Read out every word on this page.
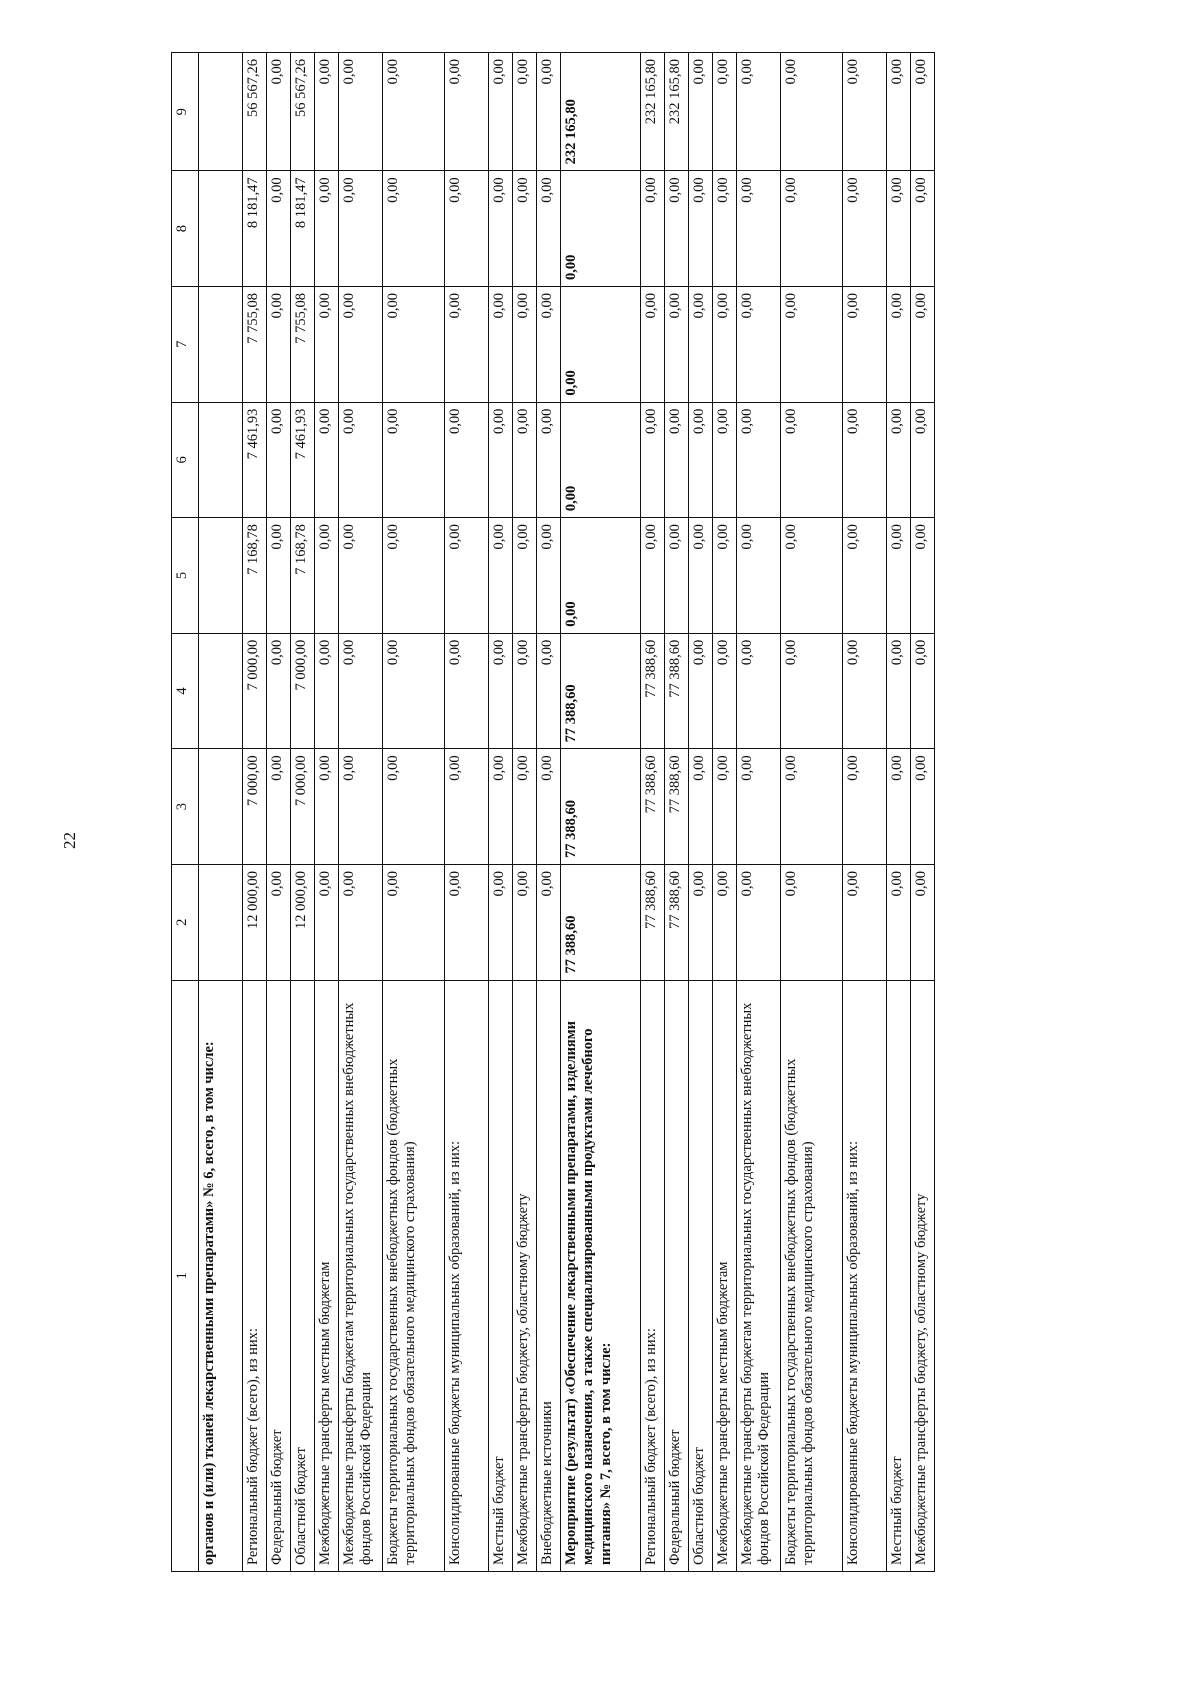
22
1	2	3	4	5	6	7	8	9
органов и (или) тканей лекарственными препаратами» № 6, всего, в том числе:								
Региональный бюджет (всего), из них:	12 000,00	7 000,00	7 000,00	7 168,78	7 461,93	7 755,08	8 181,47	56 567,26
Федеральный бюджет	0,00	0,00	0,00	0,00	0,00	0,00	0,00	0,00
Областной бюджет	12 000,00	7 000,00	7 000,00	7 168,78	7 461,93	7 755,08	8 181,47	56 567,26
Межбюджетные трансферты местным бюджетам	0,00	0,00	0,00	0,00	0,00	0,00	0,00	0,00
Межбюджетные трансферты бюджетам территориальных государственных внебюджетных фондов Российской Федерации	0,00	0,00	0,00	0,00	0,00	0,00	0,00	0,00
Бюджеты территориальных государственных внебюджетных фондов (бюджетных территориальных фондов обязательного медицинского страхования)	0,00	0,00	0,00	0,00	0,00	0,00	0,00	0,00
Консолидированные бюджеты муниципальных образований, из них:	0,00	0,00	0,00	0,00	0,00	0,00	0,00	0,00
Местный бюджет	0,00	0,00	0,00	0,00	0,00	0,00	0,00	0,00
Межбюджетные трансферты бюджету, областному бюджету	0,00	0,00	0,00	0,00	0,00	0,00	0,00	0,00
Внебюджетные источники	0,00	0,00	0,00	0,00	0,00	0,00	0,00	0,00
Мероприятие (результат) «Обеспечение лекарственными препаратами, изделиями медицинского назначения, а также специализированными продуктами лечебного питания» № 7, всего, в том числе:	77 388,60	77 388,60	77 388,60	0,00	0,00	0,00	0,00	232 165,80
Региональный бюджет (всего), из них:	77 388,60	77 388,60	77 388,60	0,00	0,00	0,00	0,00	232 165,80
Федеральный бюджет	77 388,60	77 388,60	77 388,60	0,00	0,00	0,00	0,00	232 165,80
Областной бюджет	0,00	0,00	0,00	0,00	0,00	0,00	0,00	0,00
Межбюджетные трансферты местным бюджетам	0,00	0,00	0,00	0,00	0,00	0,00	0,00	0,00
Межбюджетные трансферты бюджетам территориальных государственных внебюджетных фондов Российской Федерации	0,00	0,00	0,00	0,00	0,00	0,00	0,00	0,00
Бюджеты территориальных государственных внебюджетных фондов (бюджетных территориальных фондов обязательного медицинского страхования)	0,00	0,00	0,00	0,00	0,00	0,00	0,00	0,00
Консолидированные бюджеты муниципальных образований, из них:	0,00	0,00	0,00	0,00	0,00	0,00	0,00	0,00
Местный бюджет	0,00	0,00	0,00	0,00	0,00	0,00	0,00	0,00
Межбюджетные трансферты бюджету, областному бюджету	0,00	0,00	0,00	0,00	0,00	0,00	0,00	0,00
